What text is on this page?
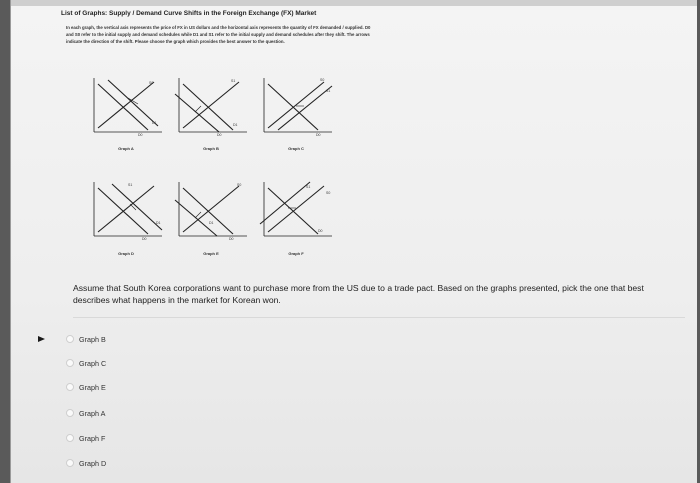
List of Graphs: Supply / Demand Curve Shifts in the Foreign Exchange (FX) Market

In each graph, the vertical axis represents the price of FX in US dollars and the horizontal axis represents the quantity of FX demanded / supplied. D0 and S0 refer to the initial supply and demand schedules while D1 and S1 refer to the initial supply and demand schedules after they shift. The arrows indicate the direction of the shift. Please choose the graph which provides the best answer to the question.

S0
D1
D0
Graph A
S1
D1
D0
Graph B
S0
S1
D0
Graph C
S1
D1
D0
Graph D
S0
D1
D0
Graph E
S1
S0
D0
Graph F

Assume that South Korea corporations want to purchase more from the US due to a trade pact. Based on the graphs presented, pick the one that best describes what happens in the market for Korean won.

Graph B
Graph C
Graph E
Graph A
Graph F
Graph D
